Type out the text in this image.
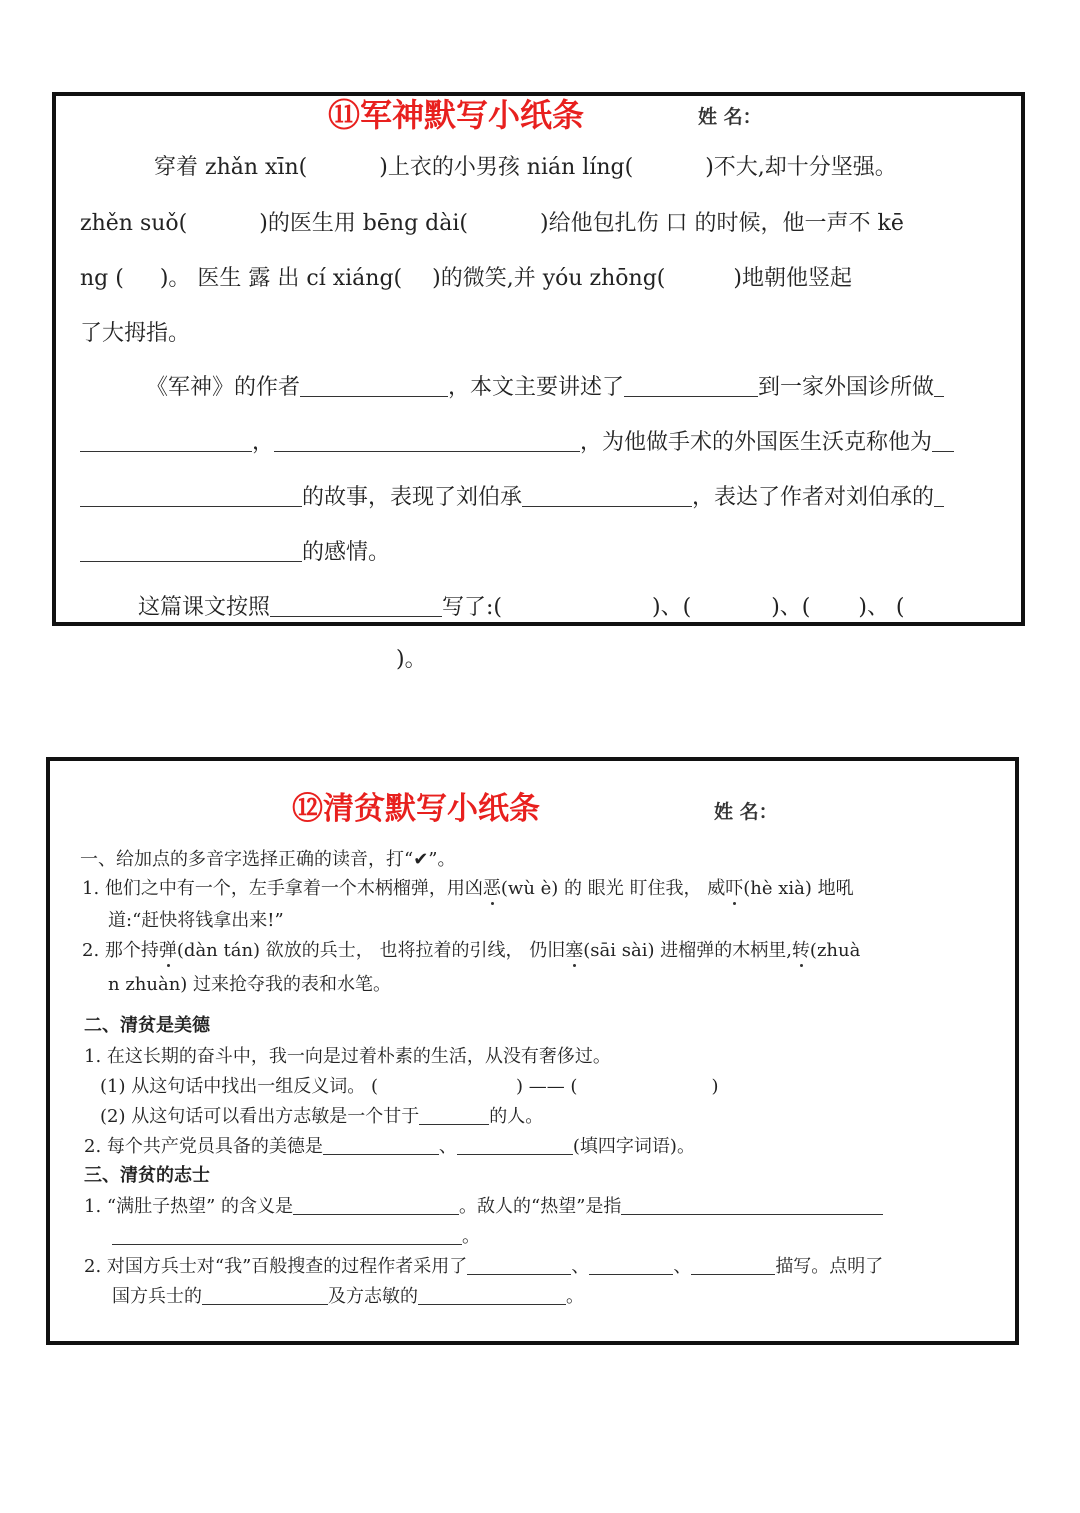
⑪军神默写小纸条	姓 名：
穿着 zhǎn xīn(	)上衣的小男孩 nián líng(	)不大,却十分坚强。
zhěn suǒ(	)的医生用 bēng dài(	)给他包扎伤 口 的时候，他一声不 kē
ng ( )。 医生 露 出 cí xiáng( )的微笑,并 yóu zhōng(	)地朝他竖起
了大拇指。
《军神》的作者	，本文主要讲述了	到一家外国诊所做
，	，为他做手术的外国医生沃克称他为
的故事，表现了刘伯承	，表达了作者对刘伯承的
的感情。
这篇课文按照	写了:(	)、(	)、( )、 (
)。
⑫清贫默写小纸条	姓 名：
一、给加点的多音字选择正确的读音，打“✔”。
1. 他们之中有一个，左手拿着一个木柄榴弹，用凶恶(wù è) 的 眼光 盯住我， 威吓(hè xià) 地吼
道:“赶快将钱拿出来!”
2. 那个持弹(dàn tán) 欲放的兵士， 也将拉着的引线， 仍旧塞(sāi sài) 进榴弹的木柄里,转(zhuà
n zhuàn) 过来抢夺我的表和水笔。
二、清贫是美德
1. 在这长期的奋斗中，我一向是过着朴素的生活，从没有奢侈过。
(1) 从这句话中找出一组反义词。 (	) —— (	)
(2) 从这句话可以看出方志敏是一个甘于	的人。
2. 每个共产党员具备的美德是	、	(填四字词语)。
三、清贫的志士
1. “满肚子热望” 的含义是	。敌人的“热望”是指
。
2. 对国方兵士对“我”百般搜查的过程作者采用了	、	、	描写。点明了
国方兵士的	及方志敏的	。
